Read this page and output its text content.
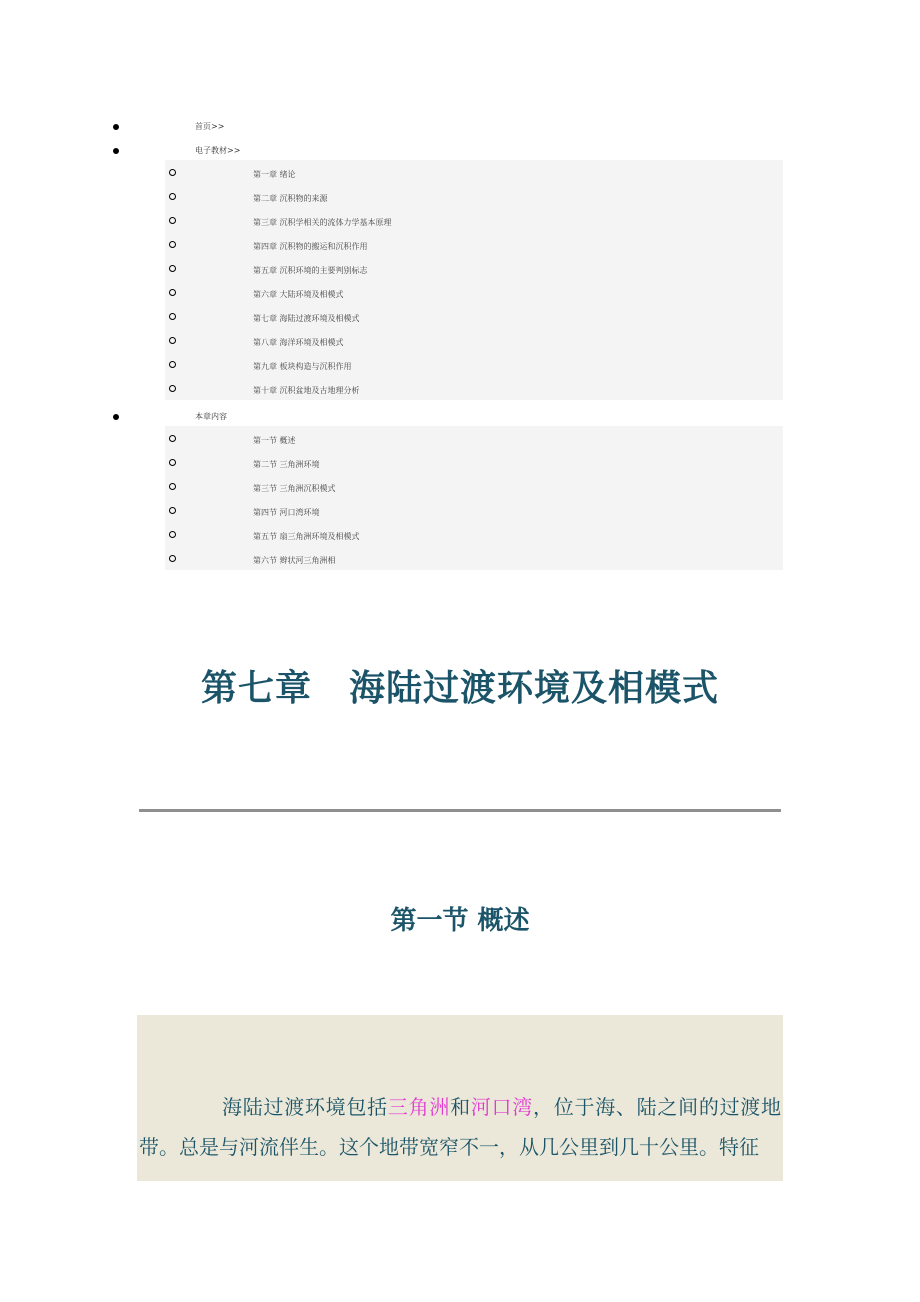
首页>>
电子教材>>
第一章 绪论
第二章 沉积物的来源
第三章 沉积学相关的流体力学基本原理
第四章 沉积物的搬运和沉积作用
第五章 沉积环境的主要判别标志
第六章 大陆环境及相模式
第七章 海陆过渡环境及相模式
第八章 海洋环境及相模式
第九章 板块构造与沉积作用
第十章 沉积盆地及古地理分析
本章内容
第一节 概述
第二节 三角洲环境
第三节 三角洲沉积模式
第四节 河口湾环境
第五节 扇三角洲环境及相模式
第六节 辫状河三角洲相
第七章　海陆过渡环境及相模式
第一节 概述
海陆过渡环境包括三角洲和河口湾，位于海、陆之间的过渡地带。总是与河流伴生。这个地带宽窄不一，从几公里到几十公里。特征
